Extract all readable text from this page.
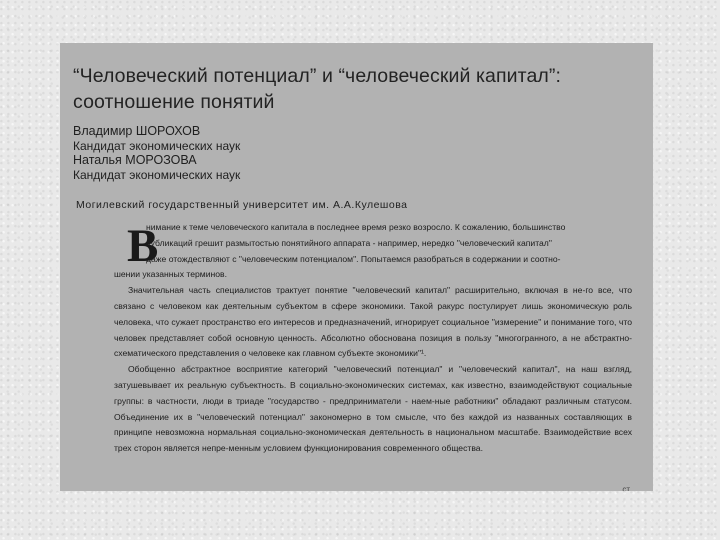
“Человеческий потенциал” и “человеческий капитал”: соотношение понятий
Владимир ШОРОХОВ
Кандидат экономических наук
Наталья МОРОЗОВА
Кандидат экономических наук
Могилевский государственный университет им. А.А.Кулешова
В

нимание к теме человеческого капитала в последнее время резко возросло. К сожалению, большинство
публикаций грешит размытостью понятийного аппарата - например, нередко "человеческий капитал"
даже отождествляют с "человеческим потенциалом". Попытаемся разобраться в содержании и соотно-
шении указанных терминов.

Значительная часть специалистов трактует понятие "человеческий капитал" расширительно, включая в не-го все, что связано с человеком как деятельным субъектом в сфере экономики. Такой ракурс постулирует лишь экономическую роль человека, что сужает пространство его интересов и предназначений, игнорирует социальное "измерение" и понимание того, что человек представляет собой основную ценность. Абсолютно обоснована позиция в пользу "многогранного, а не абстрактно-схематического представления о человеке как главном субъекте экономики"¹.

Обобщенно абстрактное восприятие категорий "человеческий потенциал" и "человеческий капитал", на наш взгляд, затушевывает их реальную субъектность. В социально-экономических системах, как известно, взаимодействуют социальные группы: в частности, люди в триаде "государство - предприниматели - наем-ные работники" обладают различным статусом. Объединение их в "человеческий потенциал" закономерно в том смысле, что без каждой из названных составляющих в принципе невозможна нормальная социально-экономическая деятельность в национальном масштабе. Взаимодействие всех трех сторон является непре-менным условием функционирования современного общества.

...ст ...
